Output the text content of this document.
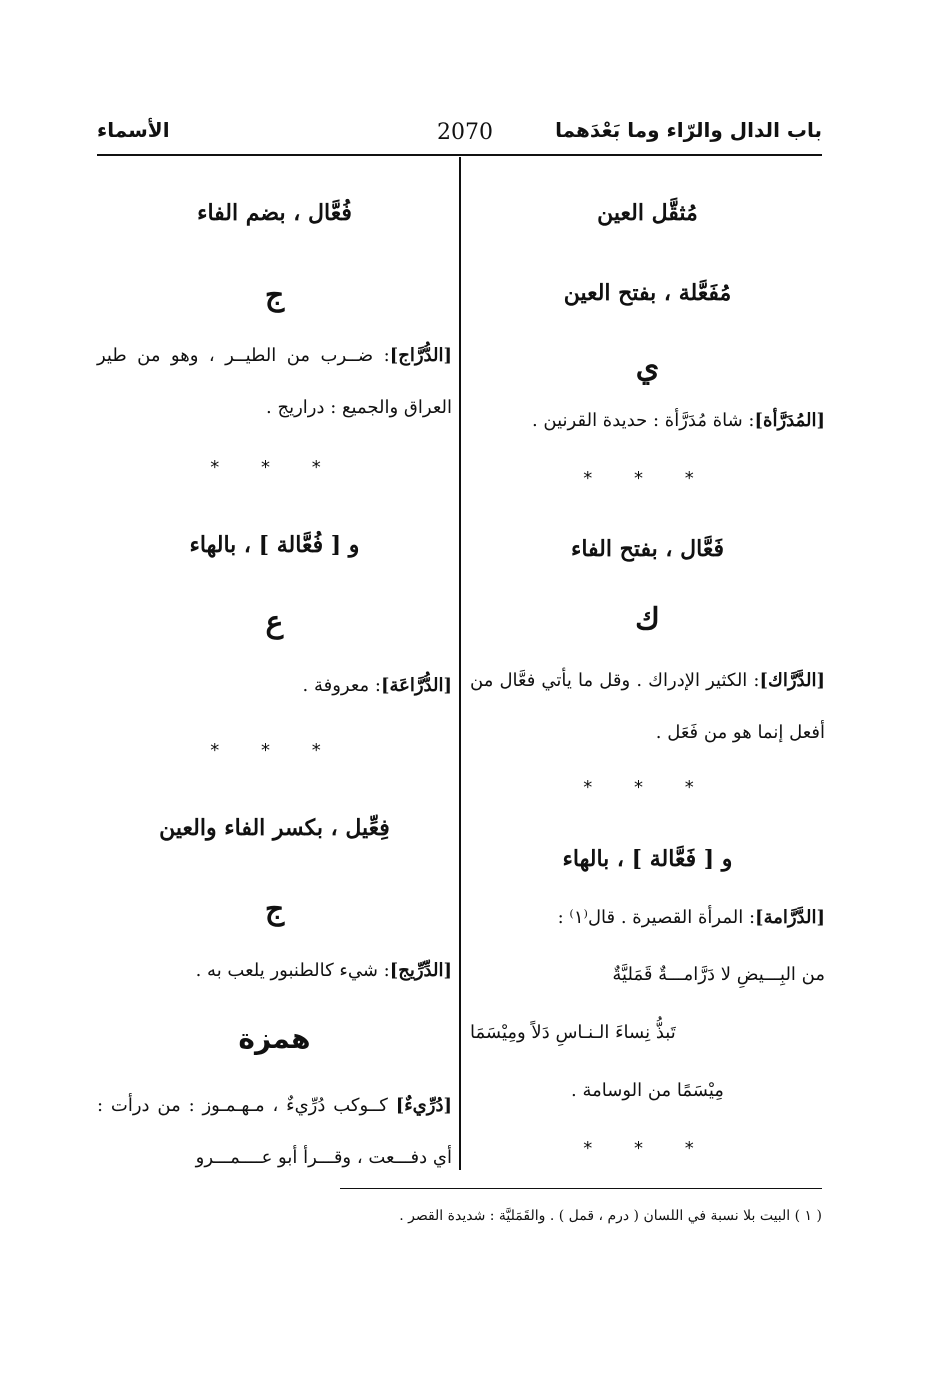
باب الدال والرّاء وما بَعْدَهما
2070
الأسماء
مُثقَّل العين
مُفَعَّلة ، بفتح العين
ي
[المُدَرَّأة]: شاة مُدَرَّأة : حديدة القرنين .
* * *
فَعَّال ، بفتح الفاء
ك
[الدَّرَّاك]: الكثير الإدراك . وقل ما يأتي فعَّال من أفعل إنما هو من فَعَل .
* * *
و [ فَعَّالة ] ، بالهاء
[الدَّرَّامة]: المرأة القصيرة . قال⁽١⁾ :
من البِـــيضِ لا دَرَّامـــةٌ قَمَليَّةٌ
تَبذُّ نِساءَ الـنـاسِ دَلاً ومِيْسَمَا
مِيْسَمًا من الوسامة .
* * *
فُعَّال ، بضم الفاء
ج
[الدُّرَّاج]: ضــرب من الطيــر ، وهو من طير العراق والجميع : دراريج .
* * *
و [ فُعَّالة ] ، بالهاء
ع
[الدُّرَّاعَة]: معروفة .
* * *
فِعِّيل ، بكسر الفاء والعين
ج
[الدِّرِّيج]: شيء كالطنبور يلعب به .
همزة
[دُرِّيءٌ] كــوكب دُرِّيءٌ ، مـهـمـوز : من درأت : أي دفـــعت ، وقـــرأ أبو عــــمـــرو
( ١ ) البيت بلا نسبة في اللسان ( درم ، قمل ) . والقَمَليَّة : شديدة القصر .
